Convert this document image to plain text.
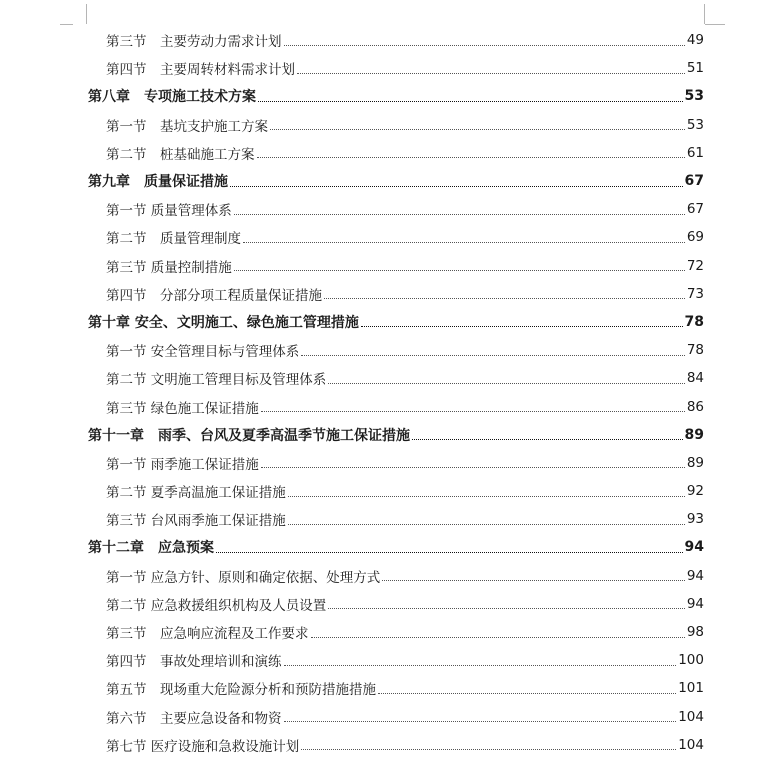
第三节　主要劳动力需求计划	49
第四节　主要周转材料需求计划	51
第八章　专项施工技术方案	53
第一节　基坑支护施工方案	53
第二节　桩基础施工方案	61
第九章　质量保证措施	67
第一节 质量管理体系	67
第二节　质量管理制度	69
第三节 质量控制措施	72
第四节　分部分项工程质量保证措施	73
第十章 安全、文明施工、绿色施工管理措施	78
第一节 安全管理目标与管理体系	78
第二节 文明施工管理目标及管理体系	84
第三节 绿色施工保证措施	86
第十一章　雨季、台风及夏季高温季节施工保证措施	89
第一节 雨季施工保证措施	89
第二节 夏季高温施工保证措施	92
第三节 台风雨季施工保证措施	93
第十二章　应急预案	94
第一节 应急方针、原则和确定依据、处理方式	94
第二节 应急救援组织机构及人员设置	94
第三节　应急响应流程及工作要求	98
第四节　事故处理培训和演练	100
第五节　现场重大危险源分析和预防措施措施	101
第六节　主要应急设备和物资	104
第七节 医疗设施和急救设施计划	104
